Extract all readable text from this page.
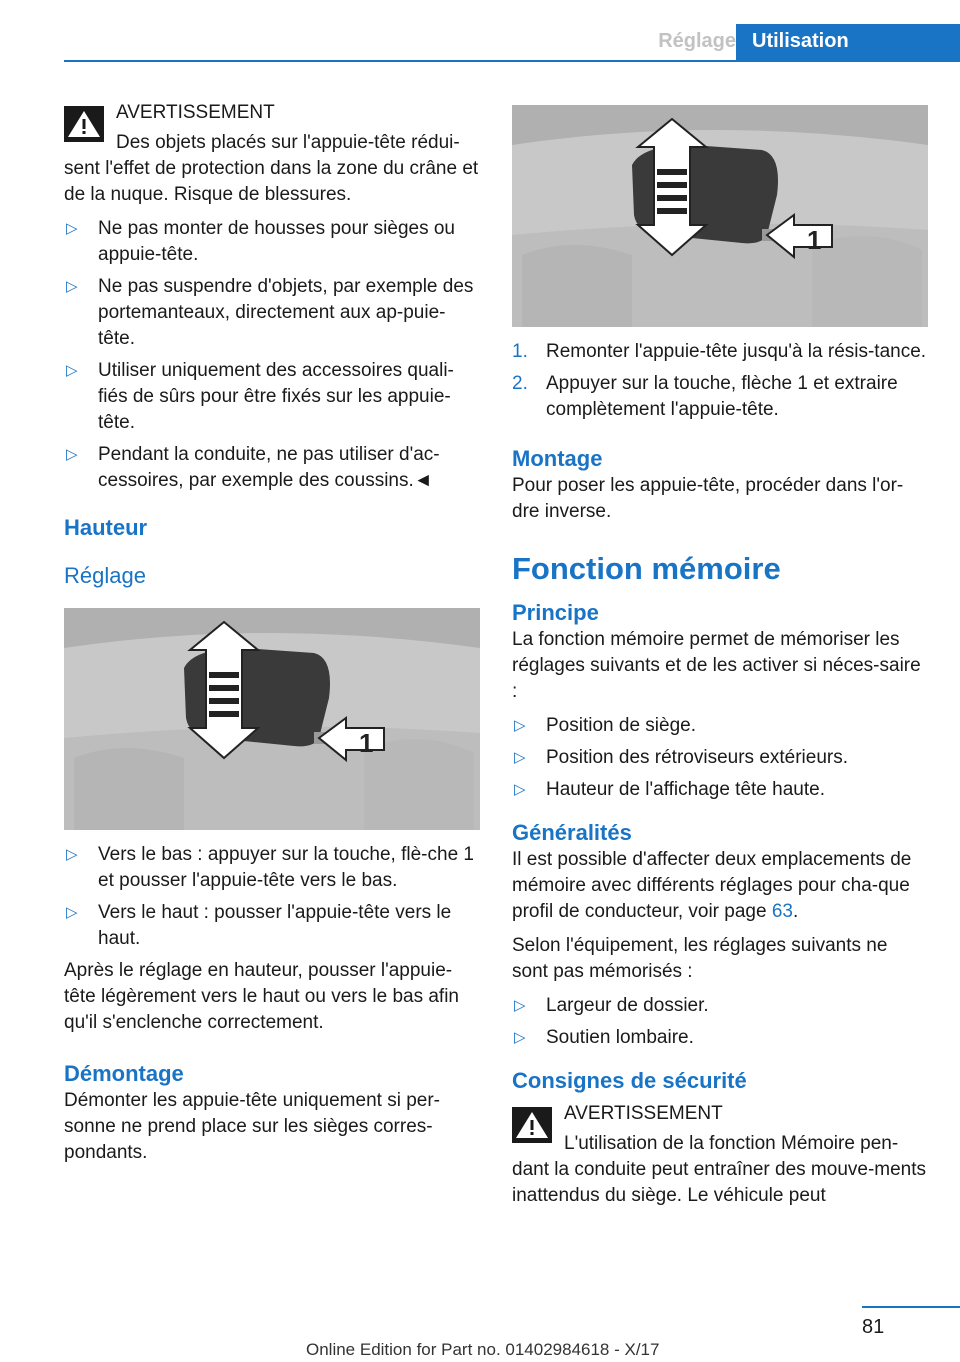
Réglage Utilisation
AVERTISSEMENT
Des objets placés sur l'appuie-tête rédui-
sent l'effet de protection dans la zone du crâne et de la nuque. Risque de blessures.
▷ Ne pas monter de housses pour sièges ou appuie-tête.
▷ Ne pas suspendre d'objets, par exemple des portemanteaux, directement aux ap-puie-tête.
▷ Utiliser uniquement des accessoires quali-fiés de sûrs pour être fixés sur les appuie-tête.
▷ Pendant la conduite, ne pas utiliser d'ac-cessoires, par exemple des coussins.◄
Hauteur
Réglage
1
▷ Vers le bas : appuyer sur la touche, flè-che 1 et pousser l'appuie-tête vers le bas.
▷ Vers le haut : pousser l'appuie-tête vers le haut.

Après le réglage en hauteur, pousser l'appuie-tête légèrement vers le haut ou vers le bas afin qu'il s'enclenche correctement.

Démontage

Démonter les appuie-tête uniquement si per-sonne ne prend place sur les sièges corres-pondants.

1
1. Remonter l'appuie-tête jusqu'à la résis-tance.
2. Appuyer sur la touche, flèche 1 et extraire complètement l'appuie-tête.
Montage

Pour poser les appuie-tête, procéder dans l'or-dre inverse.

Fonction mémoire
Principe

La fonction mémoire permet de mémoriser les réglages suivants et de les activer si néces-saire :

▷ Position de siège.
▷ Position des rétroviseurs extérieurs.
▷ Hauteur de l'affichage tête haute.
Généralités

Il est possible d'affecter deux emplacements de mémoire avec différents réglages pour cha-que profil de conducteur, voir page 63.

Selon l'équipement, les réglages suivants ne sont pas mémorisés :

▷ Largeur de dossier.
▷ Soutien lombaire.
Consignes de sécurité
AVERTISSEMENT
L'utilisation de la fonction Mémoire pen-
dant la conduite peut entraîner des mouve-ments inattendus du siège. Le véhicule peut
81
Online Edition for Part no. 01402984618 - X/17
